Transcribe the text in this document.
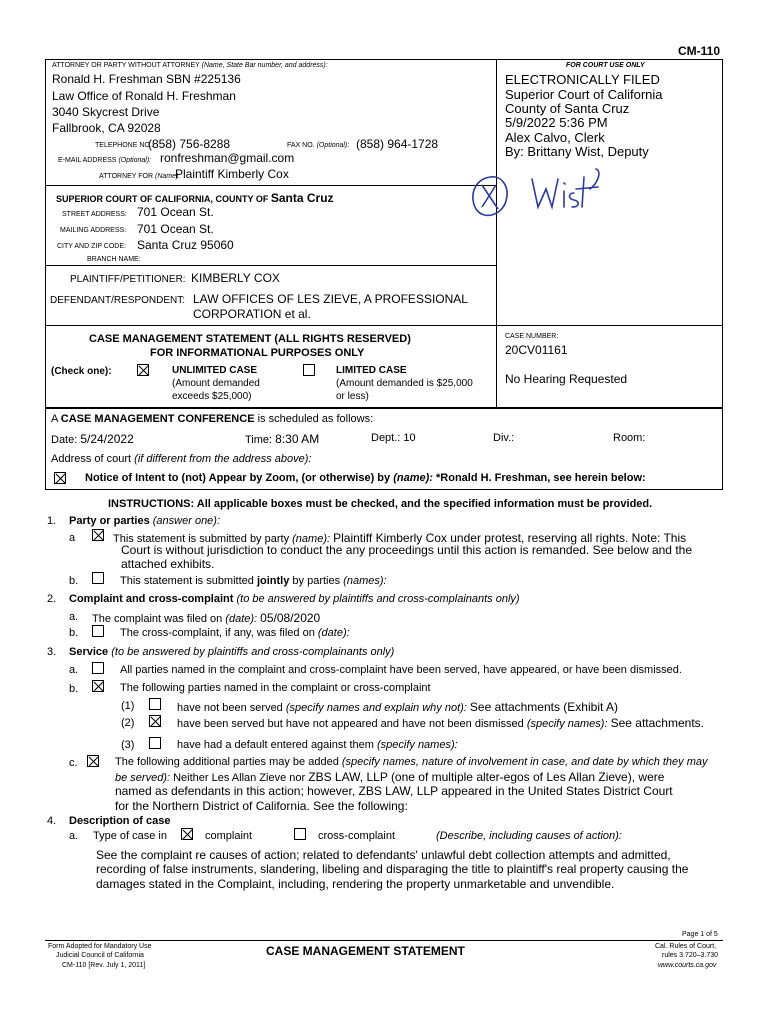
CM-110
ATTORNEY OR PARTY WITHOUT ATTORNEY (Name, State Bar number, and address):
Ronald H. Freshman SBN #225136
Law Office of Ronald H. Freshman
3040 Skycrest Drive
Fallbrook, CA 92028
TELEPHONE NO.:
(858) 756-8288	FAX NO. (Optional): (858) 964-1728
E-MAIL ADDRESS (Optional): ronfreshman@gmail.com
ATTORNEY FOR (Name):
Plaintiff Kimberly Cox
FOR COURT USE ONLY
ELECTRONICALLY FILED
Superior Court of California
County of Santa Cruz
5/9/2022 5:36 PM
Alex Calvo, Clerk
By: Brittany Wist, Deputy
SUPERIOR COURT OF CALIFORNIA, COUNTY OF Santa Cruz
STREET ADDRESS: 701 Ocean St.
MAILING ADDRESS: 701 Ocean St.
CITY AND ZIP CODE: Santa Cruz 95060
BRANCH NAME:
PLAINTIFF/PETITIONER: KIMBERLY COX
DEFENDANT/RESPONDENT: LAW OFFICES OF LES ZIEVE, A PROFESSIONAL
CORPORATION et al.
CASE MANAGEMENT STATEMENT (ALL RIGHTS RESERVED)
FOR INFORMATIONAL PURPOSES ONLY
(Check one):	UNLIMITED CASE
(Amount demanded
exceeds $25,000)
LIMITED CASE
(Amount demanded is $25,000
or less)
CASE NUMBER:
20CV01161
No Hearing Requested
A CASE MANAGEMENT CONFERENCE is scheduled as follows:
Date: 5/24/2022	Time: 8:30 AM	Dept.: 10	Div.:	Room:
Address of court (if different from the address above):
Notice of Intent to (not) Appear by Zoom, (or otherwise) by (name): *Ronald H. Freshman, see herein below:
INSTRUCTIONS: All applicable boxes must be checked, and the specified information must be provided.
1. Party or parties (answer one):
a	This statement is submitted by party (name): Plaintiff Kimberly Cox under protest, reserving all rights. Note: This
Court is without jurisdiction to conduct the any proceedings until this action is remanded. See below and the
attached exhibits.
b.	This statement is submitted jointly by parties (names):
2. Complaint and cross-complaint (to be answered by plaintiffs and cross-complainants only)
a. The complaint was filed on (date): 05/08/2020
b.	The cross-complaint, if any, was filed on (date):
3. Service (to be answered by plaintiffs and cross-complainants only)
a.	All parties named in the complaint and cross-complaint have been served, have appeared, or have been dismissed.
b.	The following parties named in the complaint or cross-complaint
(1)	have not been served (specify names and explain why not): See attachments (Exhibit A)
(2)	have been served but have not appeared and have not been dismissed (specify names): See attachments.
(3)	have had a default entered against them (specify names):
c.	The following additional parties may be added (specify names, nature of involvement in case, and date by which they may
be served): Neither Les Allan Zieve nor ZBS LAW, LLP (one of multiple alter-egos of Les Allan Zieve), were
named as defendants in this action; however, ZBS LAW, LLP appeared in the United States District Court
for the Northern District of California. See the following:
4. Description of case
a. Type of case in	complaint	cross-complaint	(Describe, including causes of action):
See the complaint re causes of action; related to defendants' unlawful debt collection attempts and admitted,
recording of false instruments, slandering, libeling and disparaging the title to plaintiff's real property causing the
damages stated in the Complaint, including, rendering the property unmarketable and unvendible.
Page 1 of 5
Form Adopted for Mandatory Use
Judicial Council of California
CM-110 [Rev. July 1, 2011]
CASE MANAGEMENT STATEMENT	Cal. Rules of Court,
rules 3.720–3.730
www.courts.ca.gov
